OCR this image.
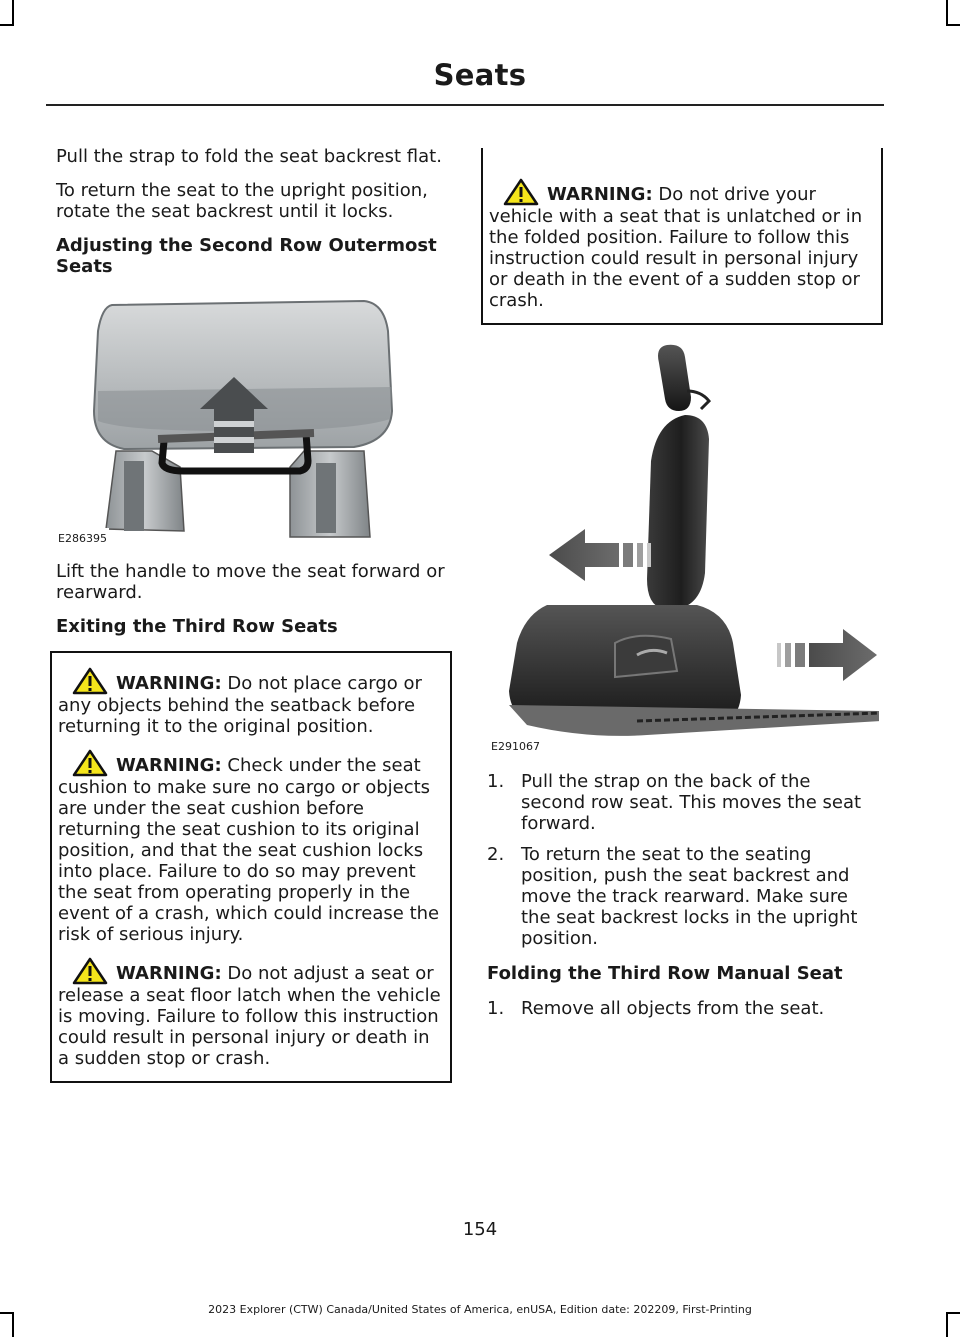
Seats

Pull the strap to fold the seat backrest flat.

To return the seat to the upright position, rotate the seat backrest until it locks.

Adjusting the Second Row Outermost Seats
E286395

Lift the handle to move the seat forward or rearward.

Exiting the Third Row Seats
WARNING: Do not place cargo or any objects behind the seatback before returning it to the original position.
WARNING: Check under the seat cushion to make sure no cargo or objects are under the seat cushion before returning the seat cushion to its original position, and that the seat cushion locks into place. Failure to do so may prevent the seat from operating properly in the event of a crash, which could increase the risk of serious injury.
WARNING: Do not adjust a seat or release a seat floor latch when the vehicle is moving. Failure to follow this instruction could result in personal injury or death in a sudden stop or crash.
WARNING: Do not drive your vehicle with a seat that is unlatched or in the folded position. Failure to follow this instruction could result in personal injury or death in the event of a sudden stop or crash.
E291067
1. Pull the strap on the back of the second row seat. This moves the seat forward.
2. To return the seat to the seating position, push the seat backrest and move the track rearward. Make sure the seat backrest locks in the upright position.
Folding the Third Row Manual Seat
1. Remove all objects from the seat.
154
2023 Explorer (CTW) Canada/United States of America, enUSA, Edition date: 202209, First-Printing
